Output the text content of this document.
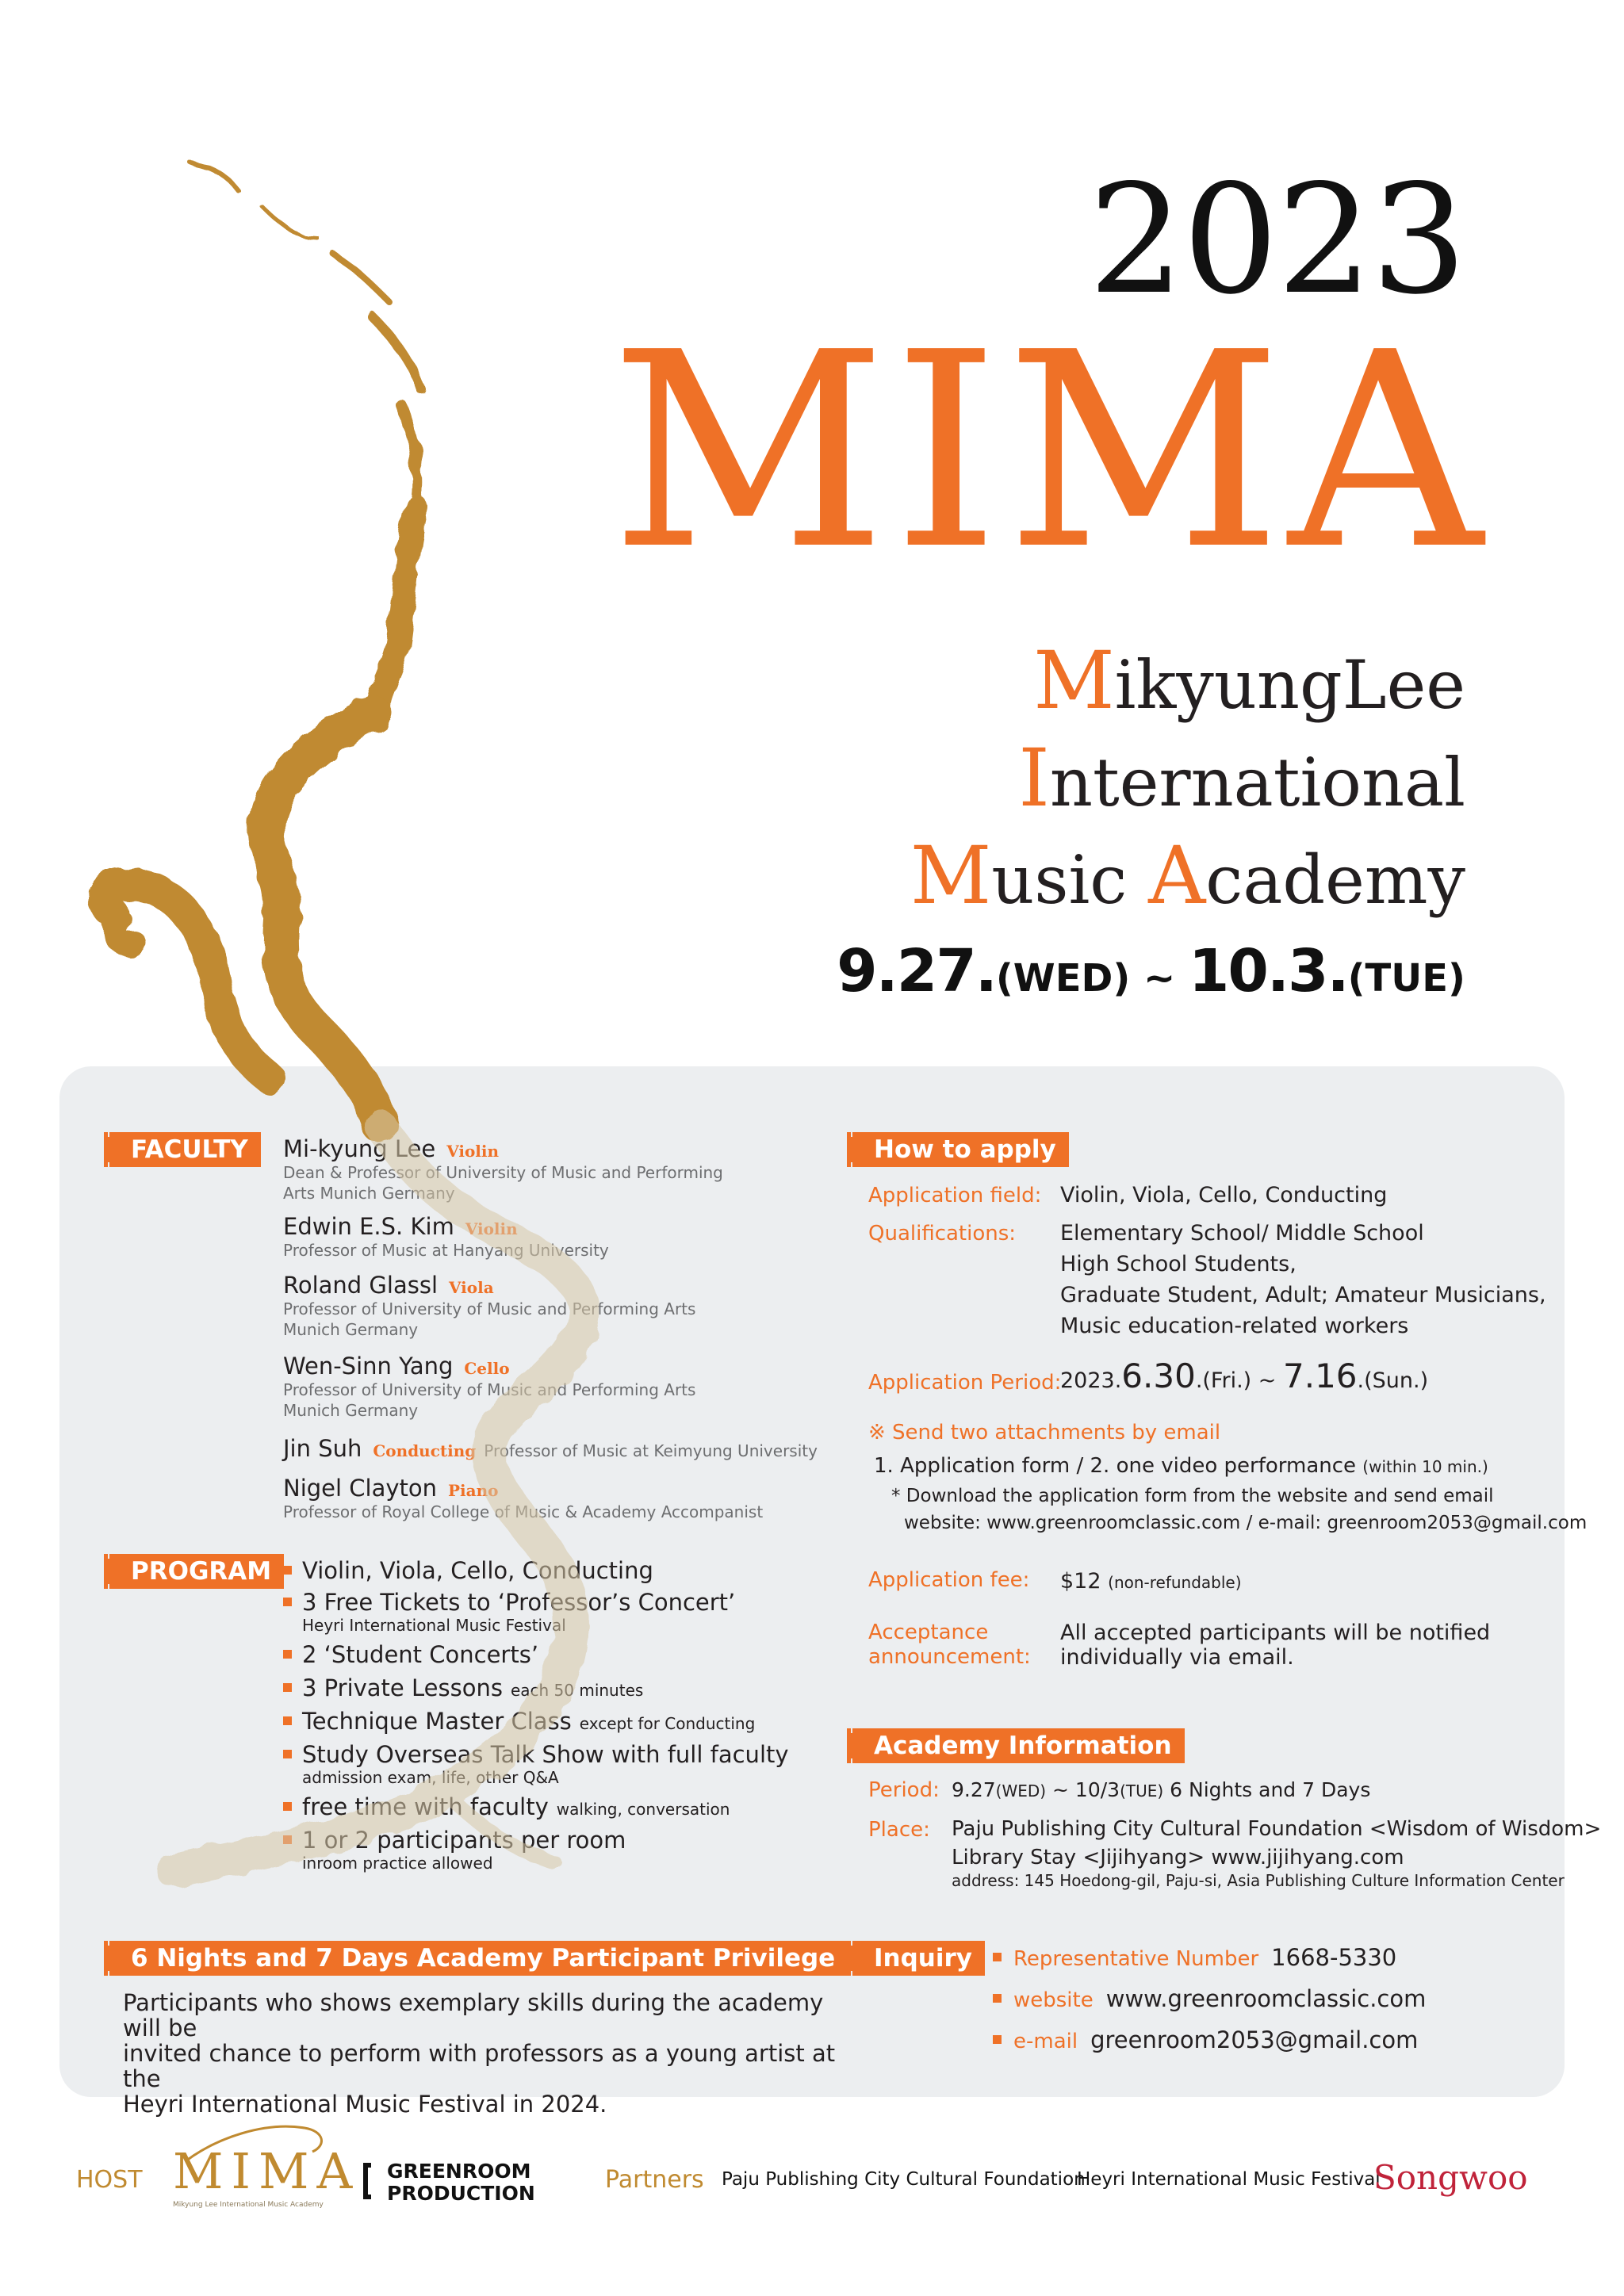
2023
MIMA
MikyungLee
International
Music Academy
9.27.(WED) ~ 10.3.(TUE)
FACULTY	Mi-kyung Lee Violin
Dean & Professor of University of Music and Performing
Arts Munich Germany
Edwin E.S. Kim Violin
Professor of Music at Hanyang University
Roland Glassl Viola
Professor of University of Music and Performing Arts
Munich Germany
Wen-Sinn Yang Cello
Professor of University of Music and Performing Arts
Munich Germany
Jin Suh Conducting Professor of Music at Keimyung University
Nigel Clayton Piano
Professor of Royal College of Music & Academy Accompanist
PROGRAM	Violin, Viola, Cello, Conducting
3 Free Tickets to ‘Professor’s Concert’
Heyri International Music Festival
2 ‘Student Concerts’
3 Private Lessons each 50 minutes
Technique Master Class except for Conducting
Study Overseas Talk Show with full faculty
admission exam, life, other Q&A
free time with faculty walking, conversation
1 or 2 participants per room
inroom practice allowed
6 Nights and 7 Days Academy Participant Privilege
Participants who shows exemplary skills during the academy will be
invited chance to perform with professors as a young artist at the
Heyri International Music Festival in 2024.
How to apply
Application field: Violin, Viola, Cello, Conducting
Qualifications: Elementary School/ Middle School
High School Students,
Graduate Student, Adult; Amateur Musicians,
Music education-related workers
Application Period:
2023.6.30.(Fri.) ~ 7.16.(Sun.)
※ Send two attachments by email
1. Application form / 2. one video performance (within 10 min.)
* Download the application form from the website and send email
website: www.greenroomclassic.com / e-mail: greenroom2053@gmail.com
Application fee: $12 (non-refundable)
Acceptance
announcement:
All accepted participants will be notified
individually via email.
Academy Information
Period: 9.27(WED) ~ 10/3(TUE) 6 Nights and 7 Days
Place: Paju Publishing City Cultural Foundation <Wisdom of Wisdom>
Library Stay <Jijihyang> www.jijihyang.com
address: 145 Hoedong-gil, Paju-si, Asia Publishing Culture Information Center
Inquiry	Representative Number 1668-5330
website www.greenroomclassic.com
e-mail greenroom2053@gmail.com
HOST MIMA
Mikyung Lee International Music Academy
GREENROOM
PRODUCTION	Partners Paju Publishing City Cultural Foundation
Heyri International Music Festival
Songwoo
